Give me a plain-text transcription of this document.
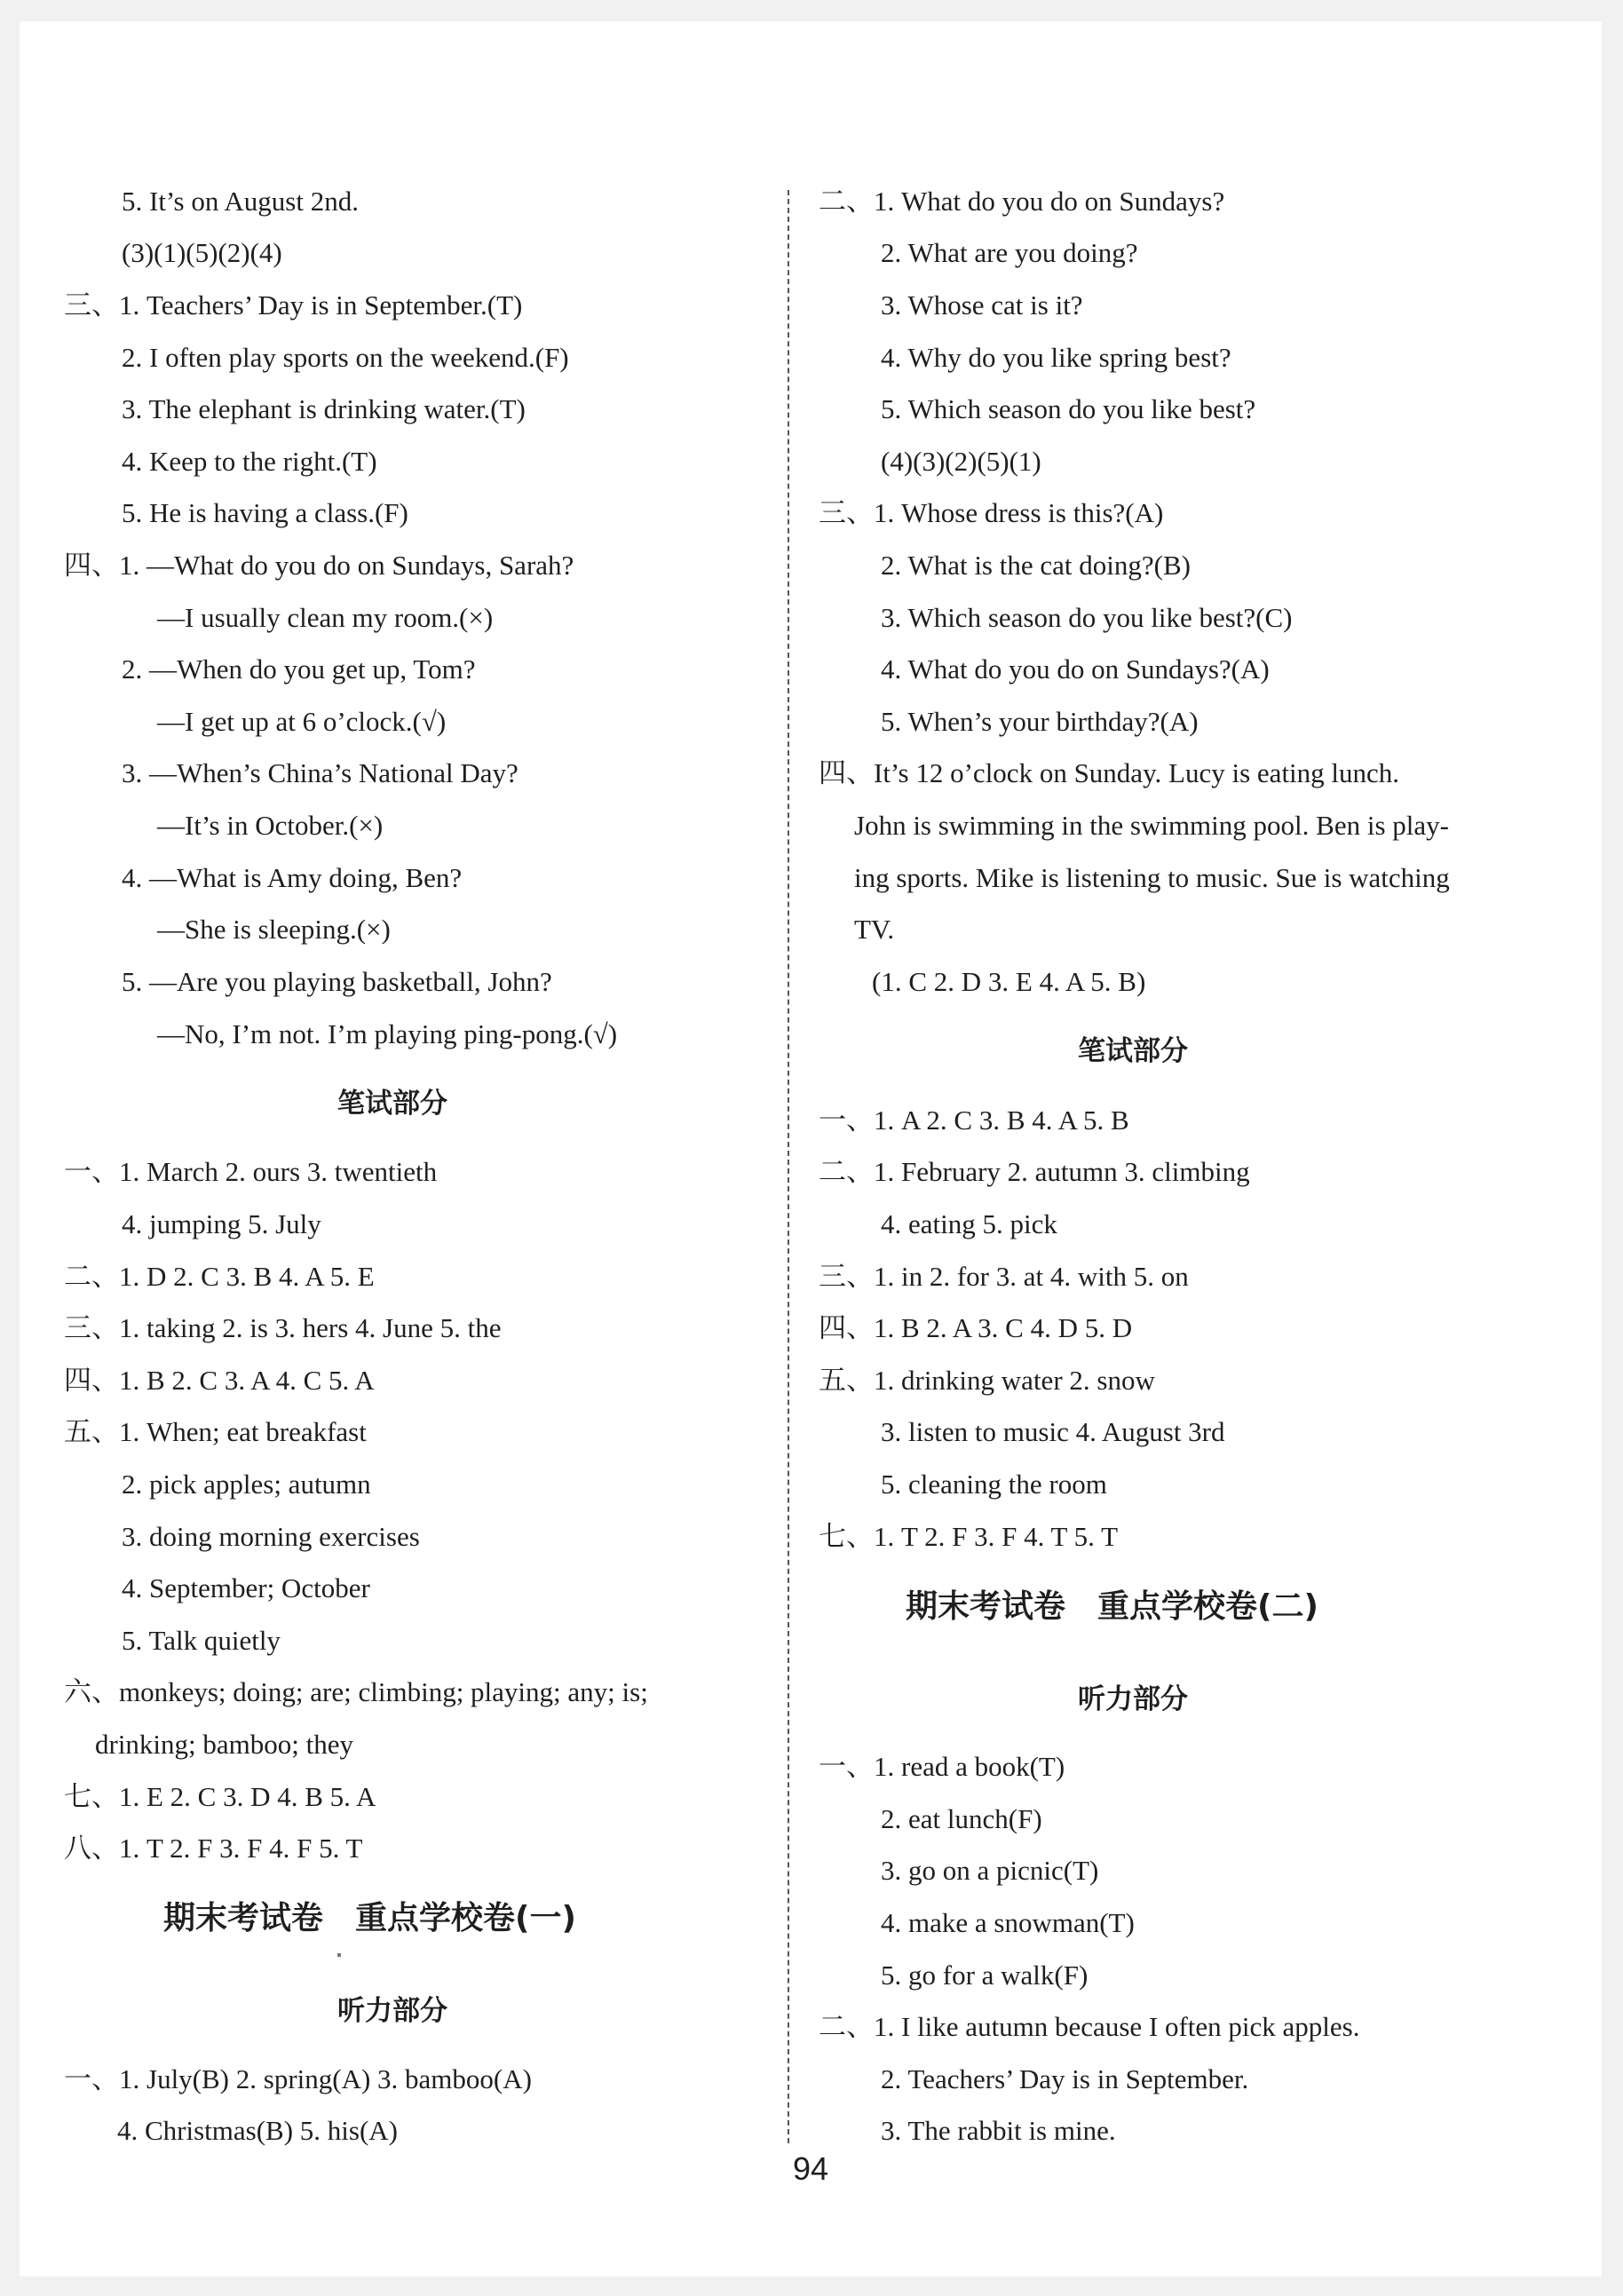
5. It’s on August 2nd.
(3)(1)(5)(2)(4)
三、1. Teachers’ Day is in September.(T)
2. I often play sports on the weekend.(F)
3. The elephant is drinking water.(T)
4. Keep to the right.(T)
5. He is having a class.(F)
四、1. —What do you do on Sundays, Sarah?
—I usually clean my room.(×)
2. —When do you get up, Tom?
—I get up at 6 o’clock.(√)
3. —When’s China’s National Day?
—It’s in October.(×)
4. —What is Amy doing, Ben?
—She is sleeping.(×)
5. —Are you playing basketball, John?
—No, I’m not. I’m playing ping-pong.(√)
笔试部分
一、1. March 2. ours 3. twentieth
4. jumping 5. July
二、1. D 2. C 3. B 4. A 5. E
三、1. taking 2. is 3. hers 4. June 5. the
四、1. B 2. C 3. A 4. C 5. A
五、1. When; eat breakfast
2. pick apples; autumn
3. doing morning exercises
4. September; October
5. Talk quietly
六、monkeys; doing; are; climbing; playing; any; is;
drinking; bamboo; they
七、1. E 2. C 3. D 4. B 5. A
八、1. T 2. F 3. F 4. F 5. T
期末考试卷　重点学校卷(一)
听力部分
一、1. July(B) 2. spring(A) 3. bamboo(A)
4. Christmas(B) 5. his(A)
二、1. What do you do on Sundays?
2. What are you doing?
3. Whose cat is it?
4. Why do you like spring best?
5. Which season do you like best?
(4)(3)(2)(5)(1)
三、1. Whose dress is this?(A)
2. What is the cat doing?(B)
3. Which season do you like best?(C)
4. What do you do on Sundays?(A)
5. When’s your birthday?(A)
四、It’s 12 o’clock on Sunday. Lucy is eating lunch.
John is swimming in the swimming pool. Ben is play-
ing sports. Mike is listening to music. Sue is watching
TV.
(1. C 2. D 3. E 4. A 5. B)
笔试部分
一、1. A 2. C 3. B 4. A 5. B
二、1. February 2. autumn 3. climbing
4. eating 5. pick
三、1. in 2. for 3. at 4. with 5. on
四、1. B 2. A 3. C 4. D 5. D
五、1. drinking water 2. snow
3. listen to music 4. August 3rd
5. cleaning the room
七、1. T 2. F 3. F 4. T 5. T
期末考试卷　重点学校卷(二)
听力部分
一、1. read a book(T)
2. eat lunch(F)
3. go on a picnic(T)
4. make a snowman(T)
5. go for a walk(F)
二、1. I like autumn because I often pick apples.
2. Teachers’ Day is in September.
3. The rabbit is mine.
94
